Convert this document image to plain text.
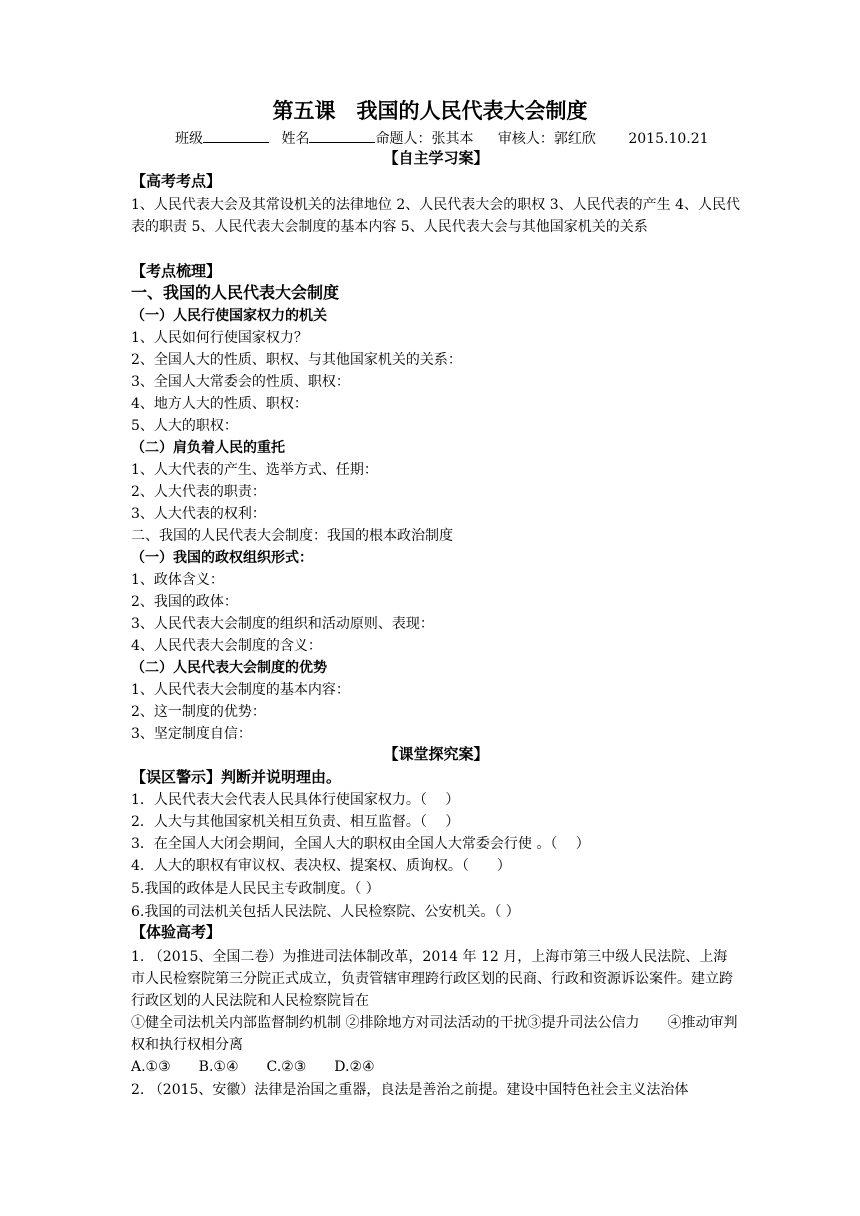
第五课　我国的人民代表大会制度
班级	姓名	命题人：张其本 审核人：郭红欣 2015.10.21
【自主学习案】
【高考考点】
1、人民代表大会及其常设机关的法律地位 2、人民代表大会的职权 3、人民代表的产生 4、人民代表的职责 5、人民代表大会制度的基本内容 5、人民代表大会与其他国家机关的关系
【考点梳理】
一、我国的人民代表大会制度
（一）人民行使国家权力的机关
1、人民如何行使国家权力？
2、全国人大的性质、职权、与其他国家机关的关系：
3、全国人大常委会的性质、职权：
4、地方人大的性质、职权：
5、人大的职权：
（二）肩负着人民的重托
1、人大代表的产生、选举方式、任期：
2、人大代表的职责：
3、人大代表的权利：
二、我国的人民代表大会制度：我国的根本政治制度
（一）我国的政权组织形式：
1、政体含义：
2、我国的政体：
3、人民代表大会制度的组织和活动原则、表现：
4、人民代表大会制度的含义：
（二）人民代表大会制度的优势
1、人民代表大会制度的基本内容：
2、这一制度的优势：
3、坚定制度自信：
【课堂探究案】
【误区警示】判断并说明理由。
1．人民代表大会代表人民具体行使国家权力。（　 ）
2．人大与其他国家机关相互负责、相互监督。（　 ）
3．在全国人大闭会期间，全国人大的职权由全国人大常委会行使 。（　 ）
4．人大的职权有审议权、表决权、提案权、质询权。（　　）
5.我国的政体是人民民主专政制度。（ ）
6.我国的司法机关包括人民法院、人民检察院、公安机关。（ ）
【体验高考】
1. （2015、全国二卷）为推进司法体制改革，2014 年 12 月，上海市第三中级人民法院、上海市人民检察院第三分院正式成立，负责管辖审理跨行政区划的民商、行政和资源诉讼案件。建立跨行政区划的人民法院和人民检察院旨在
①健全司法机关内部监督制约机制 ②排除地方对司法活动的干扰③提升司法公信力　　④推动审判权和执行权相分离
A.①③　　B.①④　　C.②③　　D.②④
2. （2015、安徽）法律是治国之重器，良法是善治之前提。建设中国特色社会主义法治体
